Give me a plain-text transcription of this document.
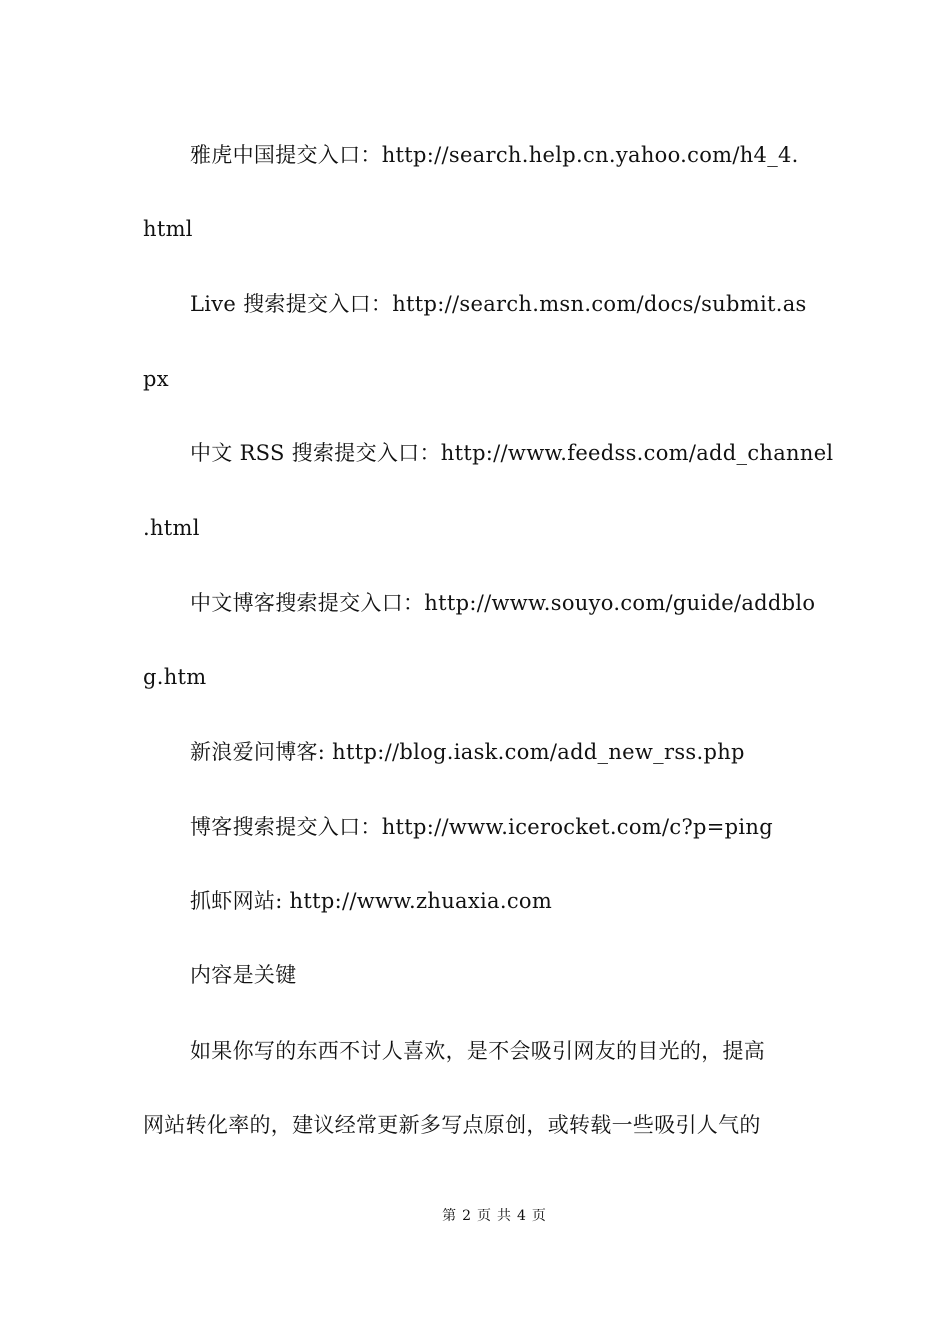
雅虎中国提交入口：http://search.help.cn.yahoo.com/h4_4.
html
Live 搜索提交入口：http://search.msn.com/docs/submit.as
px
中文 RSS 搜索提交入口：http://www.feedss.com/add_channel
.html
中文博客搜索提交入口：http://www.souyo.com/guide/addblo
g.htm
新浪爱问博客: http://blog.iask.com/add_new_rss.php
博客搜索提交入口：http://www.icerocket.com/c?p=ping
抓虾网站: http://www.zhuaxia.com
内容是关键
如果你写的东西不讨人喜欢，是不会吸引网友的目光的，提高
网站转化率的，建议经常更新多写点原创，或转载一些吸引人气的
第 2 页 共 4 页
